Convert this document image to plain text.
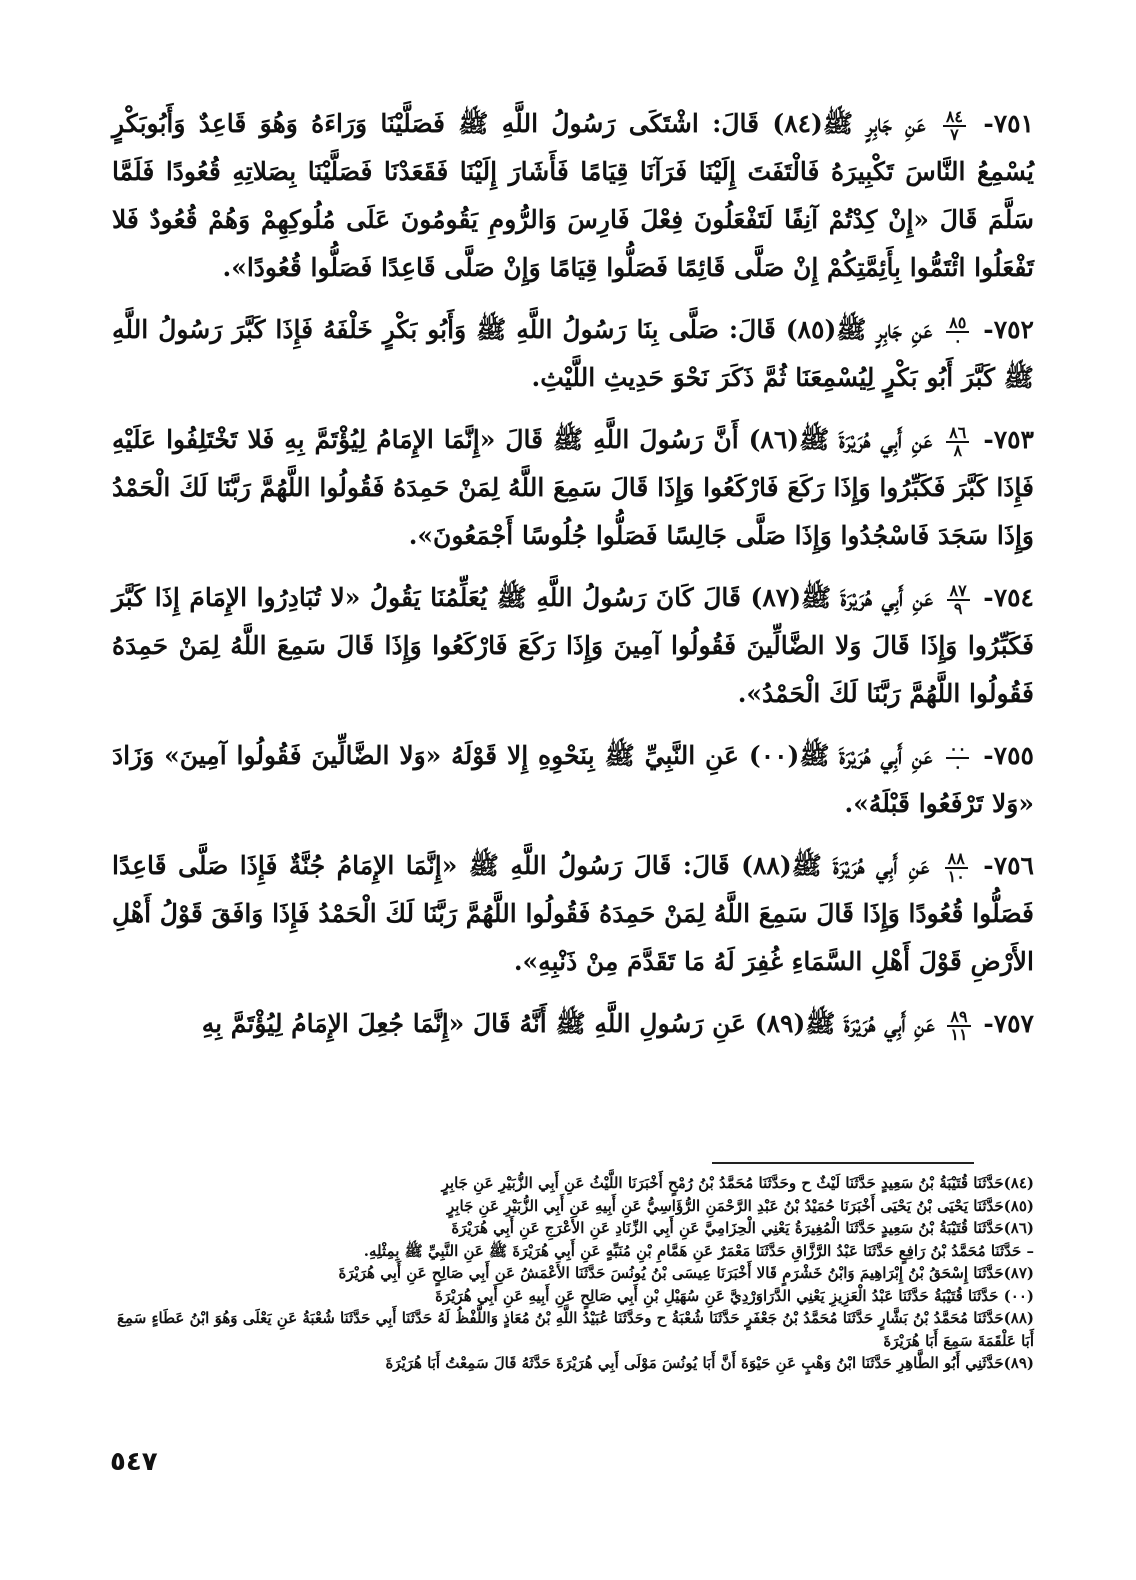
٧٥١-
$\frac{٨٤}{٧}$
عَنِ جَابِرٍ ﷺ(٨٤) قَالَ: اشْتَكَى رَسُولُ اللَّهِ ﷺ فَصَلَّيْنَا وَرَاءَهُ وَهُوَ قَاعِدٌ وَأَبُوبَكْرٍ يُسْمِعُ النَّاسَ تَكْبِيرَهُ فَالْتَفَتَ إِلَيْنَا فَرَآنَا قِيَامًا فَأَشَارَ إِلَيْنَا فَقَعَدْنَا فَصَلَّيْنَا بِصَلاتِهِ قُعُودًا فَلَمَّا سَلَّمَ قَالَ «إِنْ كِدْتُمْ آنِفًا لَتَفْعَلُونَ فِعْلَ فَارِسَ وَالرُّومِ يَقُومُونَ عَلَى مُلُوكِهِمْ وَهُمْ قُعُودٌ فَلا تَفْعَلُوا ائْتَمُّوا بِأَئِمَّتِكُمْ إِنْ صَلَّى قَائِمًا فَصَلُّوا قِيَامًا وَإِنْ صَلَّى قَاعِدًا فَصَلُّوا قُعُودًا».

٧٥٢-
$\frac{٨٥}{٠}$
عَنِ جَابِرٍ ﷺ(٨٥) قَالَ: صَلَّى بِنَا رَسُولُ اللَّهِ ﷺ وَأَبُو بَكْرٍ خَلْفَهُ فَإِذَا كَبَّرَ رَسُولُ اللَّهِ ﷺ كَبَّرَ أَبُو بَكْرٍ لِيُسْمِعَنَا ثُمَّ ذَكَرَ نَحْوَ حَدِيثِ اللَّيْثِ.

٧٥٣-
$\frac{٨٦}{٨}$
عَنِ أَبِي هُرَيْرَةَ ﷺ(٨٦) أَنَّ رَسُولَ اللَّهِ ﷺ قَالَ «إِنَّمَا الإِمَامُ لِيُؤْتَمَّ بِهِ فَلا تَخْتَلِفُوا عَلَيْهِ فَإِذَا كَبَّرَ فَكَبِّرُوا وَإِذَا رَكَعَ فَارْكَعُوا وَإِذَا قَالَ سَمِعَ اللَّهُ لِمَنْ حَمِدَهُ فَقُولُوا اللَّهُمَّ رَبَّنَا لَكَ الْحَمْدُ وَإِذَا سَجَدَ فَاسْجُدُوا وَإِذَا صَلَّى جَالِسًا فَصَلُّوا جُلُوسًا أَجْمَعُونَ».

٧٥٤-
$\frac{٨٧}{٩}$
عَنِ أَبِي هُرَيْرَةَ ﷺ(٨٧) قَالَ كَانَ رَسُولُ اللَّهِ ﷺ يُعَلِّمُنَا يَقُولُ «لا تُبَادِرُوا الإِمَامَ إِذَا كَبَّرَ فَكَبِّرُوا وَإِذَا قَالَ وَلا الضَّالِّينَ فَقُولُوا آمِينَ وَإِذَا رَكَعَ فَارْكَعُوا وَإِذَا قَالَ سَمِعَ اللَّهُ لِمَنْ حَمِدَهُ فَقُولُوا اللَّهُمَّ رَبَّنَا لَكَ الْحَمْدُ».

٧٥٥-
$\frac{٠٠}{٠}$
عَنِ أَبِي هُرَيْرَةَ ﷺ(٠٠) عَنِ النَّبِيِّ ﷺ بِنَحْوِهِ إِلا قَوْلَهُ «وَلا الضَّالِّينَ فَقُولُوا آمِينَ» وَزَادَ «وَلا تَرْفَعُوا قَبْلَهُ».

٧٥٦-
$\frac{٨٨}{١٠}$
عَنِ أَبِي هُرَيْرَةَ ﷺ(٨٨) قَالَ: قَالَ رَسُولُ اللَّهِ ﷺ «إِنَّمَا الإِمَامُ جُنَّةٌ فَإِذَا صَلَّى قَاعِدًا فَصَلُّوا قُعُودًا وَإِذَا قَالَ سَمِعَ اللَّهُ لِمَنْ حَمِدَهُ فَقُولُوا اللَّهُمَّ رَبَّنَا لَكَ الْحَمْدُ فَإِذَا وَافَقَ قَوْلُ أَهْلِ الأَرْضِ قَوْلَ أَهْلِ السَّمَاءِ غُفِرَ لَهُ مَا تَقَدَّمَ مِنْ ذَنْبِهِ».

٧٥٧-
$\frac{٨٩}{١١}$
عَنِ أَبِي هُرَيْرَةَ ﷺ(٨٩) عَنِ رَسُولِ اللَّهِ ﷺ أَنَّهُ قَالَ «إِنَّمَا جُعِلَ الإِمَامُ لِيُؤْتَمَّ بِهِ

(٨٤)حَدَّثَنَا قُتَيْبَةُ بْنُ سَعِيدٍ حَدَّثَنَا لَيْثٌ ح وحَدَّثَنَا مُحَمَّدُ بْنُ رُمْحٍ أَخْبَرَنَا اللَّيْثُ عَنِ أَبِي الزُّبَيْرِ عَنِ جَابِرٍ
(٨٥)حَدَّثَنَا يَحْيَى بْنُ يَحْيَى أَخْبَرَنَا حُمَيْدُ بْنُ عَبْدِ الرَّحْمَنِ الرُّؤَاسِيُّ عَنِ أَبِيهِ عَنِ أَبِي الزُّبَيْرِ عَنِ جَابِرٍ
(٨٦)حَدَّثَنَا قُتَيْبَةُ بْنُ سَعِيدٍ حَدَّثَنَا الْمُغِيرَةُ يَعْنِي الْحِزَامِيَّ عَنِ أَبِي الزِّنَادِ عَنِ الأَعْرَجِ عَنِ أَبِي هُرَيْرَةَ
– حَدَّثَنَا مُحَمَّدُ بْنُ رَافِعٍ حَدَّثَنَا عَبْدُ الرَّزَّاقِ حَدَّثَنَا مَعْمَرٌ عَنِ هَمَّامِ بْنِ مُنَبِّهٍ عَنِ أَبِي هُرَيْرَةَ ﷺ عَنِ النَّبِيِّ ﷺ بِمِثْلِهِ.
(٨٧)حَدَّثَنَا إِسْحَقُ بْنُ إِبْرَاهِيمَ وَابْنُ خَشْرَمٍ قَالا أَخْبَرَنَا عِيسَى بْنُ يُونُسَ حَدَّثَنَا الأَعْمَشُ عَنِ أَبِي صَالِحٍ عَنِ أَبِي هُرَيْرَةَ
(٠٠) حَدَّثَنَا قُتَيْبَةُ حَدَّثَنَا عَبْدُ الْعَزِيزِ يَعْنِي الدَّرَاوَرْدِيَّ عَنِ سُهَيْلِ بْنِ أَبِي صَالِحٍ عَنِ أَبِيهِ عَنِ أَبِي هُرَيْرَةَ
(٨٨)حَدَّثَنَا مُحَمَّدُ بْنُ بَشَّارٍ حَدَّثَنَا مُحَمَّدُ بْنُ جَعْفَرٍ حَدَّثَنَا شُعْبَةُ ح وحَدَّثَنَا عُبَيْدُ اللَّهِ بْنُ مُعَاذٍ وَاللَّفْظُ لَهُ حَدَّثَنَا أَبِي حَدَّثَنَا شُعْبَةُ عَنِ يَعْلَى وَهُوَ ابْنُ عَطَاءٍ سَمِعَ أَبَا عَلْقَمَةَ سَمِعَ أَبَا هُرَيْرَةَ
(٨٩)حَدَّثَنِي أَبُو الطَّاهِرِ حَدَّثَنَا ابْنُ وَهْبٍ عَنِ حَيْوَةَ أَنَّ أَبَا يُونُسَ مَوْلَى أَبِي هُرَيْرَةَ حَدَّثَهُ قَالَ سَمِعْتُ أَبَا هُرَيْرَةَ
٥٤٧
